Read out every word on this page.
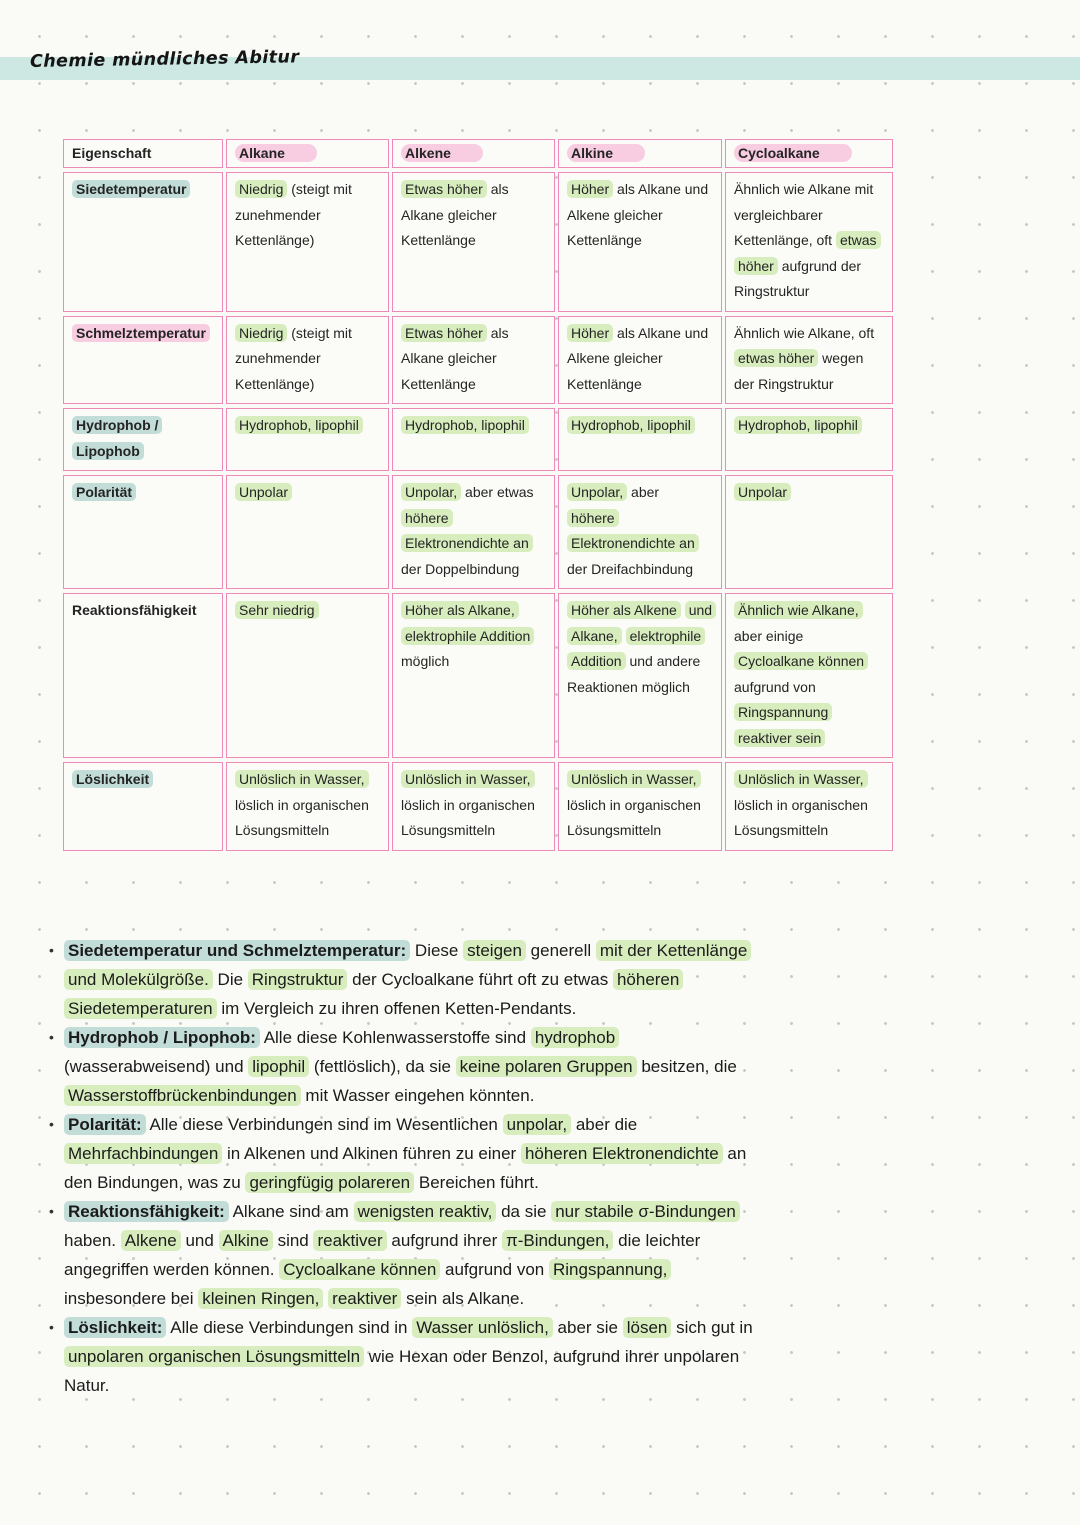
Chemie mündliches Abitur
Eigenschaft	Alkane	Alkene	Alkine	Cycloalkane
Siedetemperatur	Niedrig (steigt mit zunehmender Kettenlänge)	Etwas höher als Alkane gleicher Kettenlänge	Höher als Alkane und Alkene gleicher Kettenlänge	Ähnlich wie Alkane mit vergleichbarer Kettenlänge, oft etwas höher aufgrund der Ringstruktur
Schmelztemperatur	Niedrig (steigt mit zunehmender Kettenlänge)	Etwas höher als Alkane gleicher Kettenlänge	Höher als Alkane und Alkene gleicher Kettenlänge	Ähnlich wie Alkane, oft etwas höher wegen der Ringstruktur
Hydrophob / Lipophob	Hydrophob, lipophil	Hydrophob, lipophil	Hydrophob, lipophil	Hydrophob, lipophil
Polarität	Unpolar	Unpolar, aber etwas höhere Elektronendichte an der Doppelbindung	Unpolar, aber höhere Elektronendichte an der Dreifachbindung	Unpolar
Reaktionsfähigkeit	Sehr niedrig	Höher als Alkane, elektrophile Addition möglich	Höher als Alkene und Alkane, elektrophile Addition und andere Reaktionen möglich	Ähnlich wie Alkane, aber einige Cycloalkane können aufgrund von Ringspannung reaktiver sein
Löslichkeit	Unlöslich in Wasser, löslich in organischen Lösungsmitteln	Unlöslich in Wasser, löslich in organischen Lösungsmitteln	Unlöslich in Wasser, löslich in organischen Lösungsmitteln	Unlöslich in Wasser, löslich in organischen Lösungsmitteln
• Siedetemperatur und Schmelztemperatur: Diese steigen generell mit der Kettenlänge und Molekülgröße. Die Ringstruktur der Cycloalkane führt oft zu etwas höheren Siedetemperaturen im Vergleich zu ihren offenen Ketten-Pendants.
• Hydrophob / Lipophob: Alle diese Kohlenwasserstoffe sind hydrophob (wasserabweisend) und lipophil (fettlöslich), da sie keine polaren Gruppen besitzen, die Wasserstoffbrückenbindungen mit Wasser eingehen könnten.
• Polarität: Alle diese Verbindungen sind im Wesentlichen unpolar, aber die Mehrfachbindungen in Alkenen und Alkinen führen zu einer höheren Elektronendichte an den Bindungen, was zu geringfügig polareren Bereichen führt.
• Reaktionsfähigkeit: Alkane sind am wenigsten reaktiv, da sie nur stabile σ-Bindungen haben. Alkene und Alkine sind reaktiver aufgrund ihrer π-Bindungen, die leichter angegriffen werden können. Cycloalkane können aufgrund von Ringspannung, insbesondere bei kleinen Ringen, reaktiver sein als Alkane.
• Löslichkeit: Alle diese Verbindungen sind in Wasser unlöslich, aber sie lösen sich gut in unpolaren organischen Lösungsmitteln wie Hexan oder Benzol, aufgrund ihrer unpolaren Natur.
